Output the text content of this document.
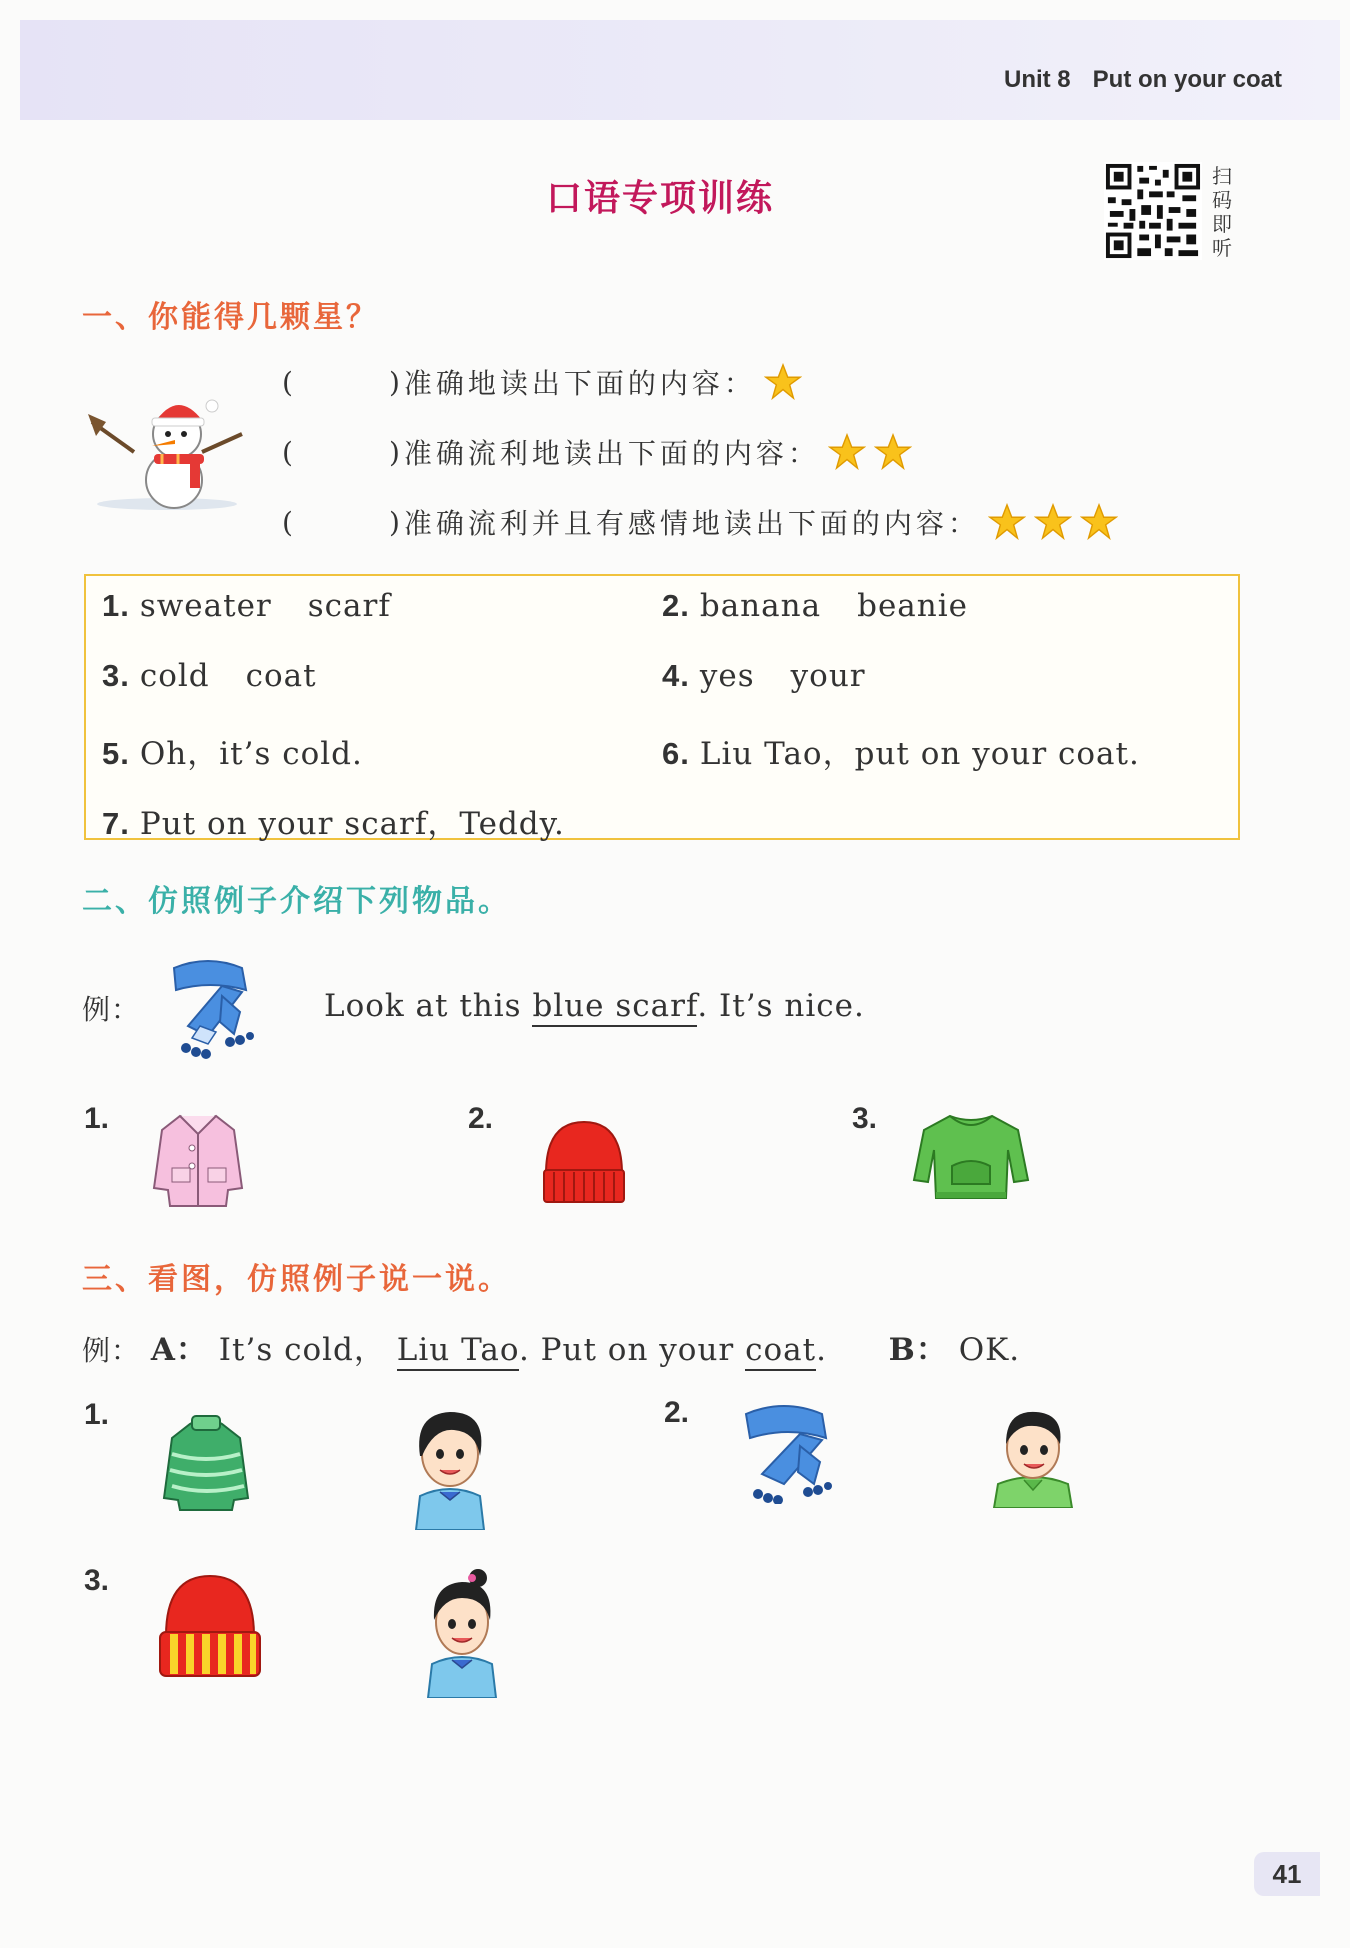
Unit 8 Put on your coat
口语专项训练
扫
码
即
听
一、你能得几颗星？
(	) 准确地读出下面的内容：
(	) 准确流利地读出下面的内容：
(	) 准确流利并且有感情地读出下面的内容：
1. sweater scarf	2. banana beanie
3. cold coat	4. yes your
5. Oh，it’s cold.	6. Liu Tao，put on your coat.
7. Put on your scarf，Teddy.
二、仿照例子介绍下列物品。
例：	Look at this blue scarf. It’s nice.
1.	2.	3.
三、看图，仿照例子说一说。
例： A： It’s cold， Liu Tao. Put on your coat. B： OK.
1.	2.
3.
41
